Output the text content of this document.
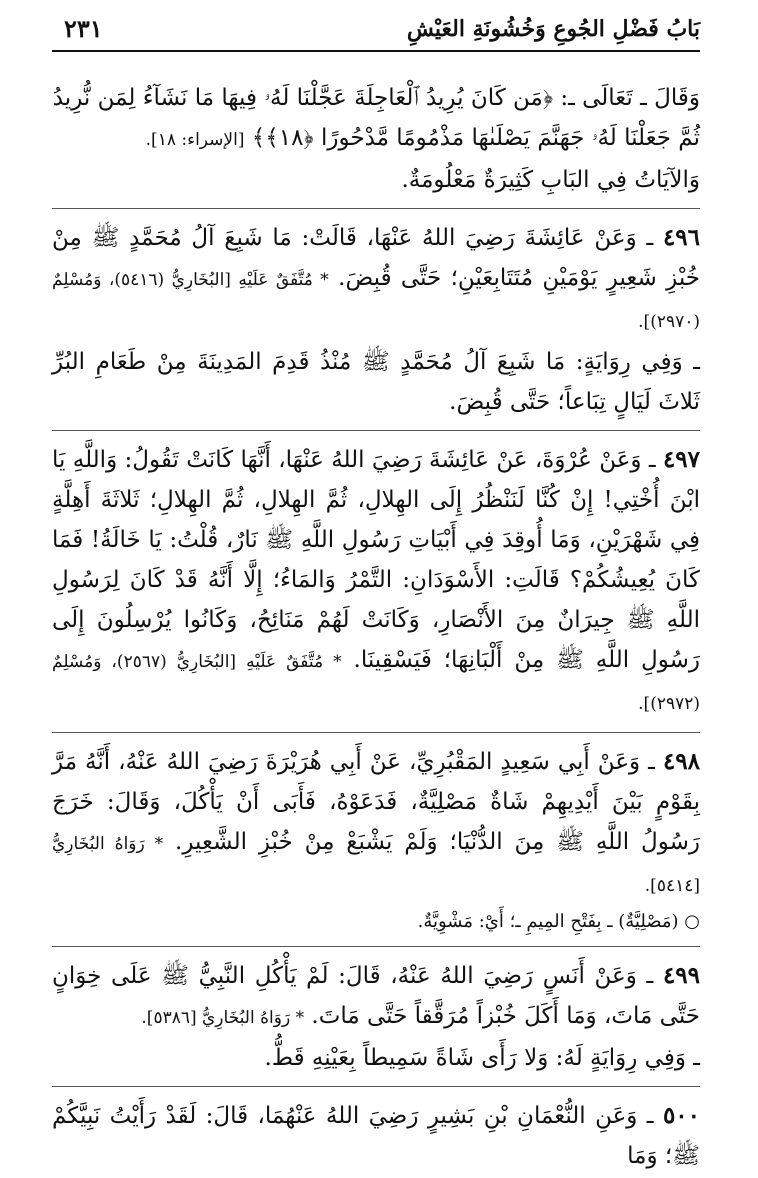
بَابُ فَضْلِ الجُوعِ وَخُشُونَةِ العَيْشِ
٢٣١

وَقَالَ ـ تَعَالَى ـ: ﴿مَن كَانَ يُرِيدُ ٱلْعَاجِلَةَ عَجَّلْنَا لَهُۥ فِيهَا مَا نَشَآءُ لِمَن نُّرِيدُ

ثُمَّ جَعَلْنَا لَهُۥ جَهَنَّمَ يَصْلَىٰهَا مَذْمُومًا مَّدْحُورًا ﴿١٨﴾﴾ [الإسراء: ١٨].

وَالآيَاتُ فِي البَابِ كَثِيرَةٌ مَعْلُومَةٌ.

٤٩٦ ـ وَعَنْ عَائِشَةَ رَضِيَ اللهُ عَنْهَا، قَالَتْ: مَا شَبِعَ آلُ مُحَمَّدٍ ﷺ مِنْ خُبْزِ شَعِيرٍ يَوْمَيْنِ مُتَتَابِعَيْنِ؛ حَتَّى قُبِضَ. * مُتَّفَقٌ عَلَيْهِ [البُخَارِيُّ (٥٤١٦)، وَمُسْلِمٌ (٢٩٧٠)].

ـ وَفِي رِوَايَةٍ: مَا شَبِعَ آلُ مُحَمَّدٍ ﷺ مُنْذُ قَدِمَ المَدِينَةَ مِنْ طَعَامِ البُرِّ ثَلاثَ لَيَالٍ تِبَاعاً؛ حَتَّى قُبِضَ.

٤٩٧ ـ وَعَنْ عُرْوَةَ، عَنْ عَائِشَةَ رَضِيَ اللهُ عَنْهَا، أَنَّهَا كَانَتْ تَقُولُ: وَاللَّهِ يَا ابْنَ أُخْتِي! إِنْ كُنَّا لَنَنْظُرُ إِلَى الهِلالِ، ثُمَّ الهِلالِ، ثُمَّ الهِلالِ؛ ثَلاثَةَ أَهِلَّةٍ فِي شَهْرَيْنِ، وَمَا أُوقِدَ فِي أَبْيَاتِ رَسُولِ اللَّهِ ﷺ نَارٌ، قُلْتُ: يَا خَالَةُ! فَمَا كَانَ يُعِيشُكُمْ؟ قَالَتِ: الأَسْوَدَانِ: التَّمْرُ وَالمَاءُ؛ إِلَّا أَنَّهُ قَدْ كَانَ لِرَسُولِ اللَّهِ ﷺ جِيرَانٌ مِنَ الأَنْصَارِ، وَكَانَتْ لَهُمْ مَنَائِحُ، وَكَانُوا يُرْسِلُونَ إِلَى رَسُولِ اللَّهِ ﷺ مِنْ أَلْبَانِهَا؛ فَيَسْقِينَا. * مُتَّفَقٌ عَلَيْهِ [البُخَارِيُّ (٢٥٦٧)، وَمُسْلِمٌ (٢٩٧٢)].

٤٩٨ ـ وَعَنْ أَبِي سَعِيدٍ المَقْبُرِيِّ، عَنْ أَبِي هُرَيْرَةَ رَضِيَ اللهُ عَنْهُ، أَنَّهُ مَرَّ بِقَوْمٍ بَيْنَ أَيْدِيهِمْ شَاةٌ مَصْلِيَّةٌ، فَدَعَوْهُ، فَأَبَى أَنْ يَأْكُلَ، وَقَالَ: خَرَجَ رَسُولُ اللَّهِ ﷺ مِنَ الدُّنْيَا؛ وَلَمْ يَشْبَعْ مِنْ خُبْزِ الشَّعِيرِ. * رَوَاهُ البُخَارِيُّ [٥٤١٤].

○ (مَصْلِيَّةٌ) ـ بِفَتْحِ المِيمِ ـ؛ أَيْ: مَشْوِيَّةٌ.

٤٩٩ ـ وَعَنْ أَنَسٍ رَضِيَ اللهُ عَنْهُ، قَالَ: لَمْ يَأْكُلِ النَّبِيُّ ﷺ عَلَى خِوَانٍ حَتَّى مَاتَ، وَمَا أَكَلَ خُبْزاً مُرَقَّقاً حَتَّى مَاتَ. * رَوَاهُ البُخَارِيُّ [٥٣٨٦].

ـ وَفِي رِوَايَةٍ لَهُ: وَلا رَأَى شَاةً سَمِيطاً بِعَيْنِهِ قَطُّ.

٥٠٠ ـ وَعَنِ النُّعْمَانِ بْنِ بَشِيرٍ رَضِيَ اللهُ عَنْهُمَا، قَالَ: لَقَدْ رَأَيْتُ نَبِيَّكُمْ ﷺ؛ وَمَا
